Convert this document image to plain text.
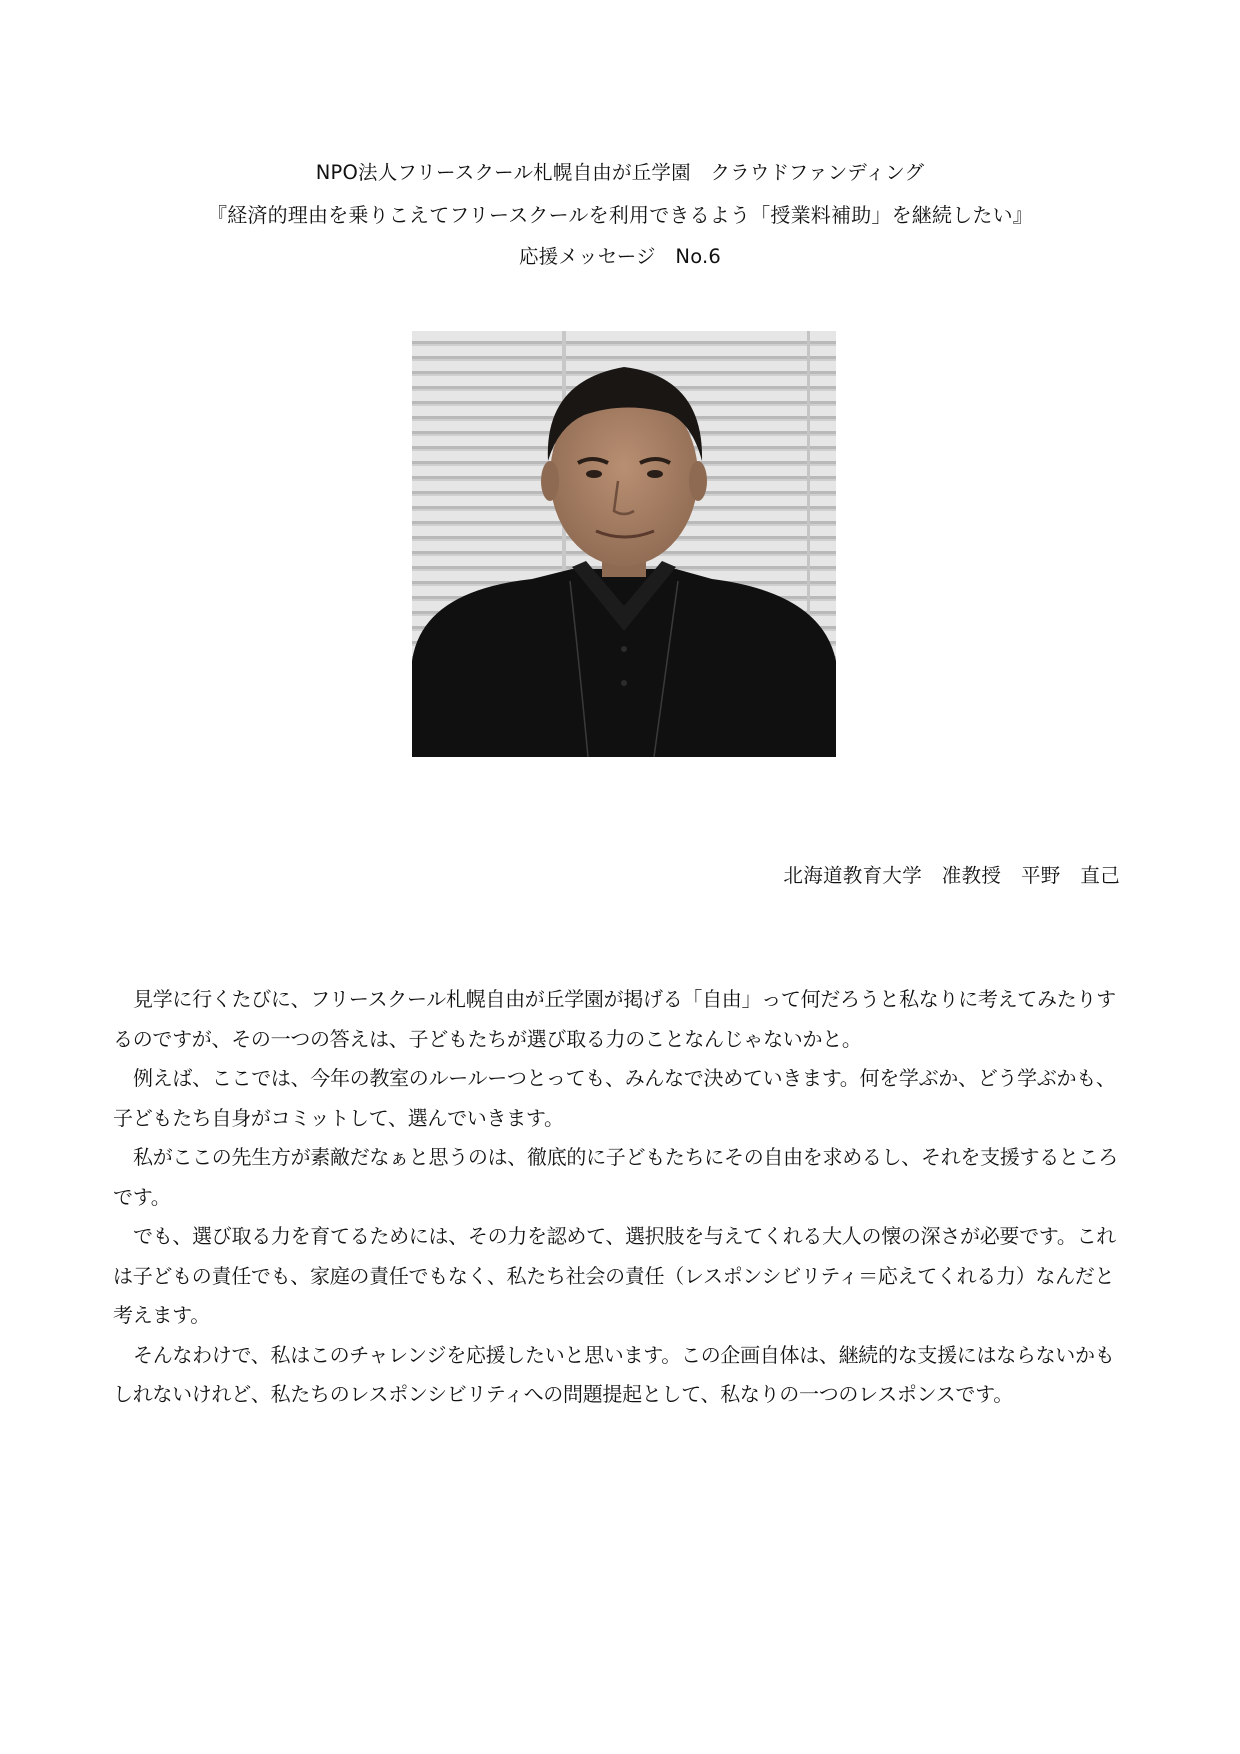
NPO法人フリースクール札幌自由が丘学園　クラウドファンディング
『経済的理由を乗りこえてフリースクールを利用できるよう「授業料補助」を継続したい』
応援メッセージ　No.6
北海道教育大学　准教授　平野　直己

見学に行くたびに、フリースクール札幌自由が丘学園が掲げる「自由」って何だろうと私なりに考えてみたりするのですが、その一つの答えは、子どもたちが選び取る力のことなんじゃないかと。

例えば、ここでは、今年の教室のルールーつとっても、みんなで決めていきます。何を学ぶか、どう学ぶかも、子どもたち自身がコミットして、選んでいきます。

私がここの先生方が素敵だなぁと思うのは、徹底的に子どもたちにその自由を求めるし、それを支援するところです。

でも、選び取る力を育てるためには、その力を認めて、選択肢を与えてくれる大人の懐の深さが必要です。これは子どもの責任でも、家庭の責任でもなく、私たち社会の責任（レスポンシビリティ＝応えてくれる力）なんだと考えます。

そんなわけで、私はこのチャレンジを応援したいと思います。この企画自体は、継続的な支援にはならないかもしれないけれど、私たちのレスポンシビリティへの問題提起として、私なりの一つのレスポンスです。
